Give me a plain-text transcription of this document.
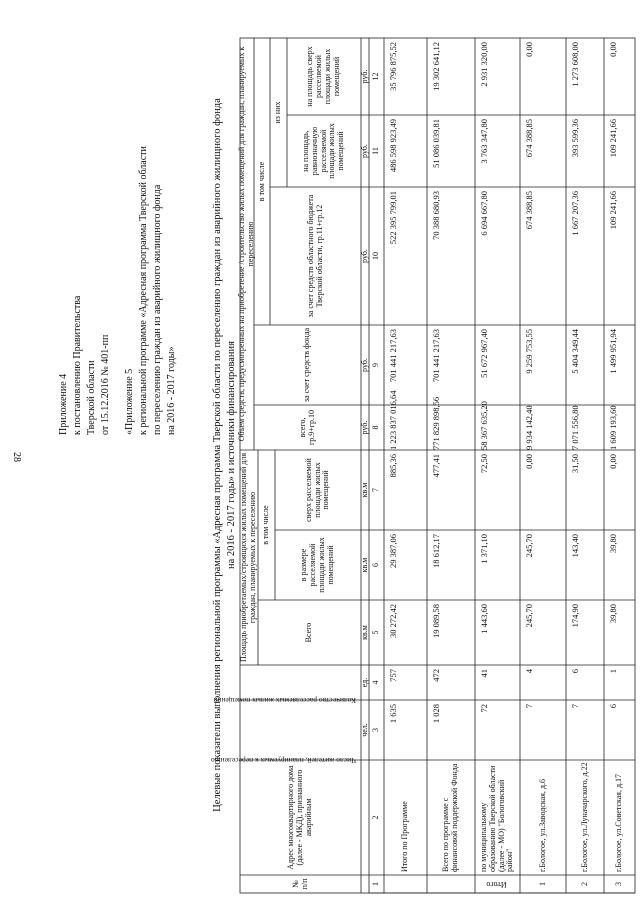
28
Приложение 4 к постановлению Правительства Тверской области от 15.12.2016 № 401-пп «Приложение 5 к региональной программе «Адресная программа Тверской области по переселению граждан из аварийного жилищного фонда на 2016 - 2017 годы»	Целевые показатели выполнения региональной программы «Адресная программа Тверской области по переселению граждан из аварийного жилищного фонда на 2016 - 2017 годы» и источники финансирования
№ п/п
Адрес многоквартирного дома (далее - МКД), признанного аварийным
Число жителей, планируемых к переселению
Количество расселяемых жилых помещений
Площадь приобретаемых/строящихся жилых помещений для граждан, планируемых к переселению
Всего
в том числе
в размере расселяемой площади жилых помещений
сверх расселяемой площади жилых помещений
Объем средств, предусмотренных на приобретение /строительство жилых помещений для граждан, планируемых к переселению
всего, гр.9+гр.10
за счет средств фонда
в том числе
за счет средств областного бюджета Тверской области, гр.11+гр.12
из них
на площадь, равнозначную расселяемой площади жилых помещений
на площадь сверх расселяемой площади жилых помещений
чел.
ед.
кв.м
кв.м
кв.м
руб.
руб.
руб.
руб.
руб.
1
2
3
4
5
6
7
8
9
10
11
12
Итого по Программе
1 635
757
30 272,42
29 387,06
885,36
1 223 837 016,64
701 441 217,63
522 395 799,01
486 598 923,49
35 796 875,52
Всего по программе с финансовой поддержкой Фонда
1 028
472
19 089,58
18 612,17
477,41
771 829 898,56
701 441 217,63
70 388 680,93
51 086 039,81
19 302 641,12
Итого
по муниципальному образованию Тверской области (далее - МО) "Бологовский район"
72
41
1 443,60
1 371,10
72,50
58 367 635,20
51 672 967,40
6 694 667,80
3 763 347,80
2 931 320,00
1
г.Бологое, ул.Заводская, д.6
7
4
245,70
245,70
0,00
9 934 142,40
9 259 753,55
674 388,85
674 388,85
0,00
2
г.Бологое, ул.Луначарского, д.22
7
6
174,90
143,40
31,50
7 071 556,80
5 404 349,44
1 667 207,36
393 599,36
1 273 608,00
3
г.Бологое, ул.Советская, д.17
6
1
39,80
39,80
0,00
1 609 193,60
1 499 951,94
109 241,66
109 241,66
0,00
